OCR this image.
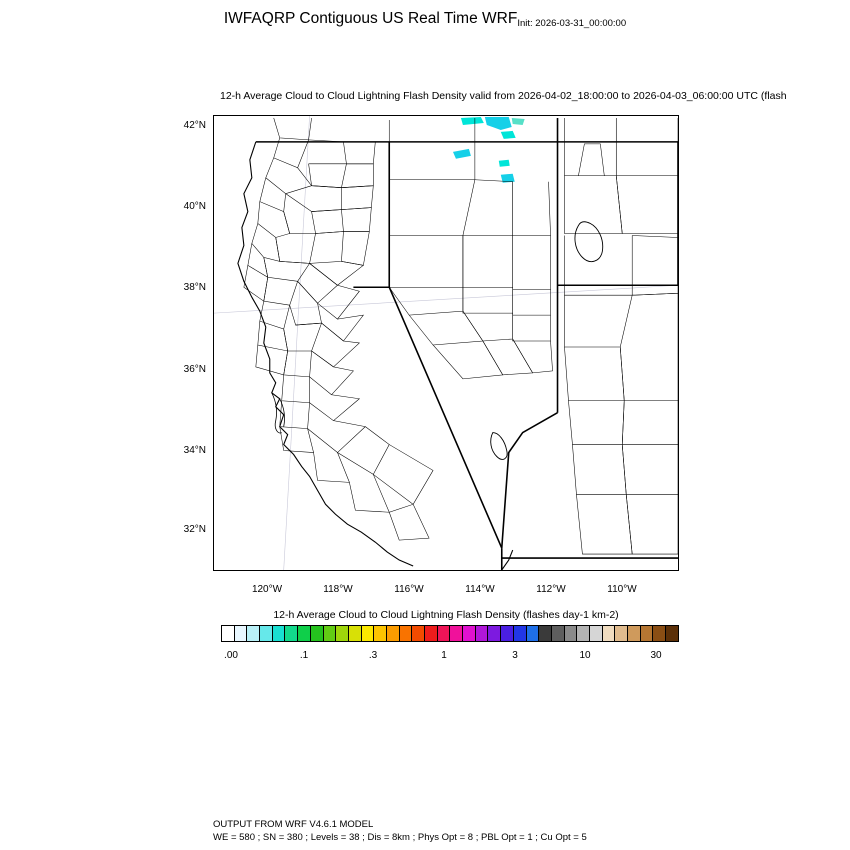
IWFAQRP Contiguous US Real Time WRFInit: 2026-03-31_00:00:00
12-h Average Cloud to Cloud Lightning Flash Density valid from 2026-04-02_18:00:00 to 2026-04-03_06:00:00 UTC (flash
42°N
40°N
38°N
36°N
34°N
32°N
120°W	118°W	116°W	114°W	112°W	110°W
12-h Average Cloud to Cloud Lightning Flash Density (flashes day-1 km-2)
.00	.1	.3	1	3	10	30
OUTPUT FROM WRF V4.6.1 MODEL
WE = 580 ; SN = 380 ; Levels = 38 ; Dis = 8km ; Phys Opt = 8 ; PBL Opt = 1 ; Cu Opt = 5
